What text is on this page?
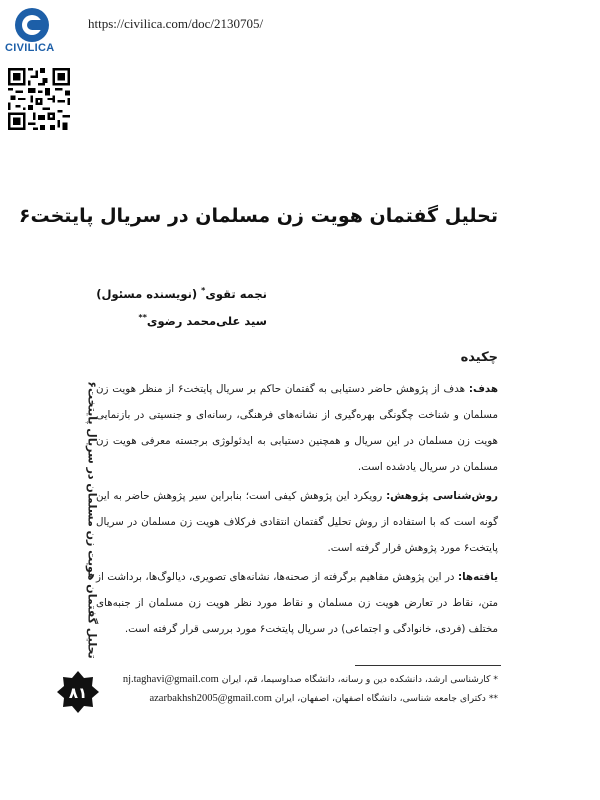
CIVILICA
https://civilica.com/doc/2130705/
تحلیل گفتمان هویت زن مسلمان در سریال پایتخت۶
نجمه تقوی* (نویسنده مسئول)
سید علی‌محمد رضوی**
چکیده

هدف: هدف از پژوهش حاضر دستیابی به گفتمان حاکم بر سریال پایتخت۶ از منظر هویت زن مسلمان و شناخت چگونگی بهره‌گیری از نشانه‌های فرهنگی، رسانه‌ای و جنسیتی در بازنمایی هویت زن مسلمان در این سریال و همچنین دستیابی به ایدئولوژی برجسته معرفی هویت زن مسلمان در سریال یادشده است.

روش‌شناسی پژوهش: رویکرد این پژوهش کیفی است؛ بنابراین سیر پژوهش حاضر به این گونه است که با استفاده از روش تحلیل گفتمان انتقادی فرکلاف هویت زن مسلمان در سریال پایتخت۶ مورد پژوهش قرار گرفته است.

یافته‌ها: در این پژوهش مفاهیم برگرفته از صحنه‌ها، نشانه‌های تصویری، دیالوگ‌ها، برداشت از متن، نقاط در تعارض هویت زن مسلمان و نقاط مورد نظر هویت زن مسلمان از جنبه‌های مختلف (فردی، خانوادگی و اجتماعی) در سریال پایتخت۶ مورد بررسی قرار گرفته است.

* کارشناسی ارشد، دانشکده دین و رسانه، دانشگاه صداوسیما، قم، ایران nj.taghavi@gmail.com
** دکترای جامعه شناسی، دانشگاه اصفهان، اصفهان، ایران azarbakhsh2005@gmail.com
تحلیل گفتمان هویت زن مسلمان در سریال پایتخت۶
۸۱
